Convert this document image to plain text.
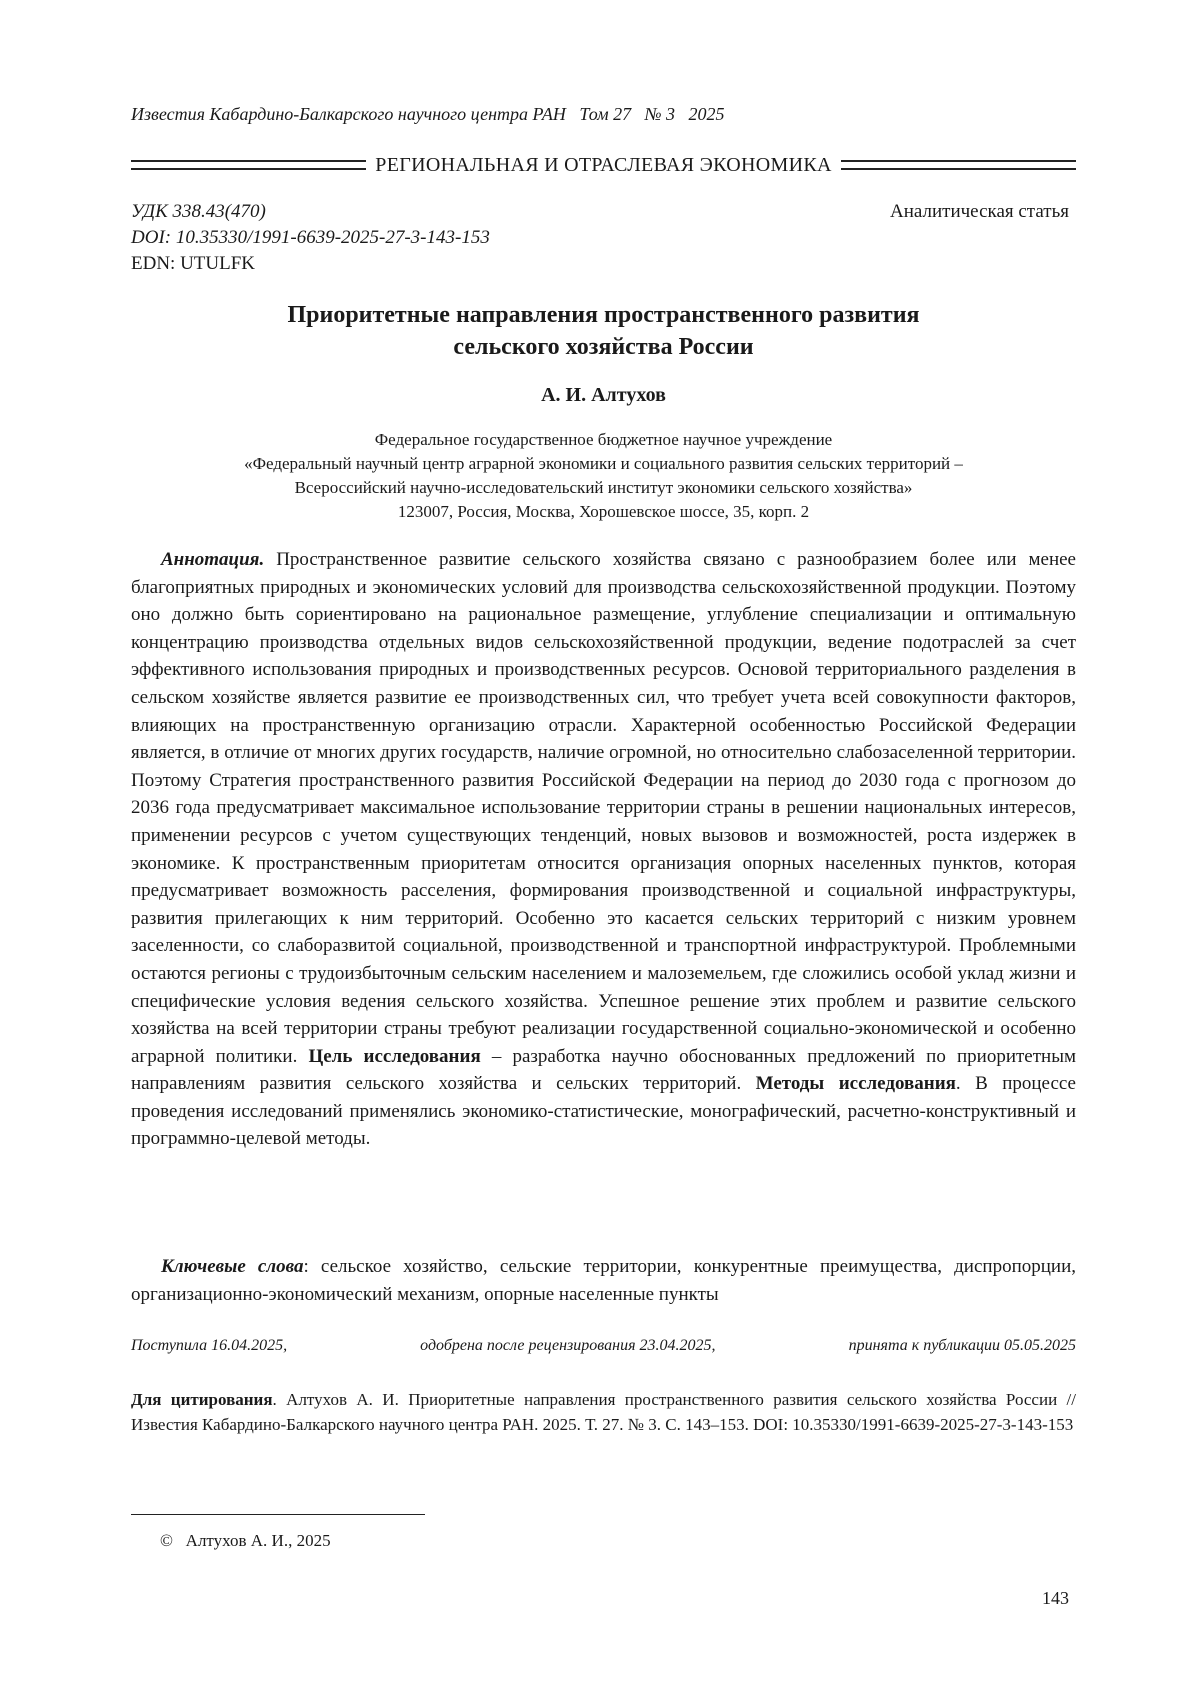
Известия Кабардино-Балкарского научного центра РАН   Том 27   № 3   2025
РЕГИОНАЛЬНАЯ И ОТРАСЛЕВАЯ ЭКОНОМИКА
УДК 338.43(470)
DOI: 10.35330/1991-6639-2025-27-3-143-153
EDN: UTULFK
Аналитическая статья
Приоритетные направления пространственного развития
сельского хозяйства России
А. И. Алтухов
Федеральное государственное бюджетное научное учреждение
«Федеральный научный центр аграрной экономики и социального развития сельских территорий –
Всероссийский научно-исследовательский институт экономики сельского хозяйства»
123007, Россия, Москва, Хорошевское шоссе, 35, корп. 2

Аннотация. Пространственное развитие сельского хозяйства связано с разнообразием более или менее благоприятных природных и экономических условий для производства сельскохозяйственной продукции. Поэтому оно должно быть сориентировано на рациональное размещение, углубление специализации и оптимальную концентрацию производства отдельных видов сельскохозяйственной продукции, ведение подотраслей за счет эффективного использования природных и производственных ресурсов. Основой территориального разделения в сельском хозяйстве является развитие ее производственных сил, что требует учета всей совокупности факторов, влияющих на пространственную организацию отрасли. Характерной особенностью Российской Федерации является, в отличие от многих других государств, наличие огромной, но относительно слабозаселенной территории. Поэтому Стратегия пространственного развития Российской Федерации на период до 2030 года с прогнозом до 2036 года предусматривает максимальное использование территории страны в решении национальных интересов, применении ресурсов с учетом существующих тенденций, новых вызовов и возможностей, роста издержек в экономике. К пространственным приоритетам относится организация опорных населенных пунктов, которая предусматривает возможность расселения, формирования производственной и социальной инфраструктуры, развития прилегающих к ним территорий. Особенно это касается сельских территорий с низким уровнем заселенности, со слаборазвитой социальной, производственной и транспортной инфраструктурой. Проблемными остаются регионы с трудоизбыточным сельским населением и малоземельем, где сложились особой уклад жизни и специфические условия ведения сельского хозяйства. Успешное решение этих проблем и развитие сельского хозяйства на всей территории страны требуют реализации государственной социально-экономической и особенно аграрной политики. Цель исследования – разработка научно обоснованных предложений по приоритетным направлениям развития сельского хозяйства и сельских территорий. Методы исследования. В процессе проведения исследований применялись экономико-статистические, монографический, расчетно-конструктивный и программно-целевой методы.

Ключевые слова: сельское хозяйство, сельские территории, конкурентные преимущества, диспропорции, организационно-экономический механизм, опорные населенные пункты

Поступила 16.04.2025,	одобрена после рецензирования 23.04.2025,	принята к публикации 05.05.2025

Для цитирования. Алтухов А. И. Приоритетные направления пространственного развития сельского хозяйства России // Известия Кабардино-Балкарского научного центра РАН. 2025. Т. 27. № 3. С. 143–153. DOI: 10.35330/1991-6639-2025-27-3-143-153

©   Алтухов А. И., 2025
143
